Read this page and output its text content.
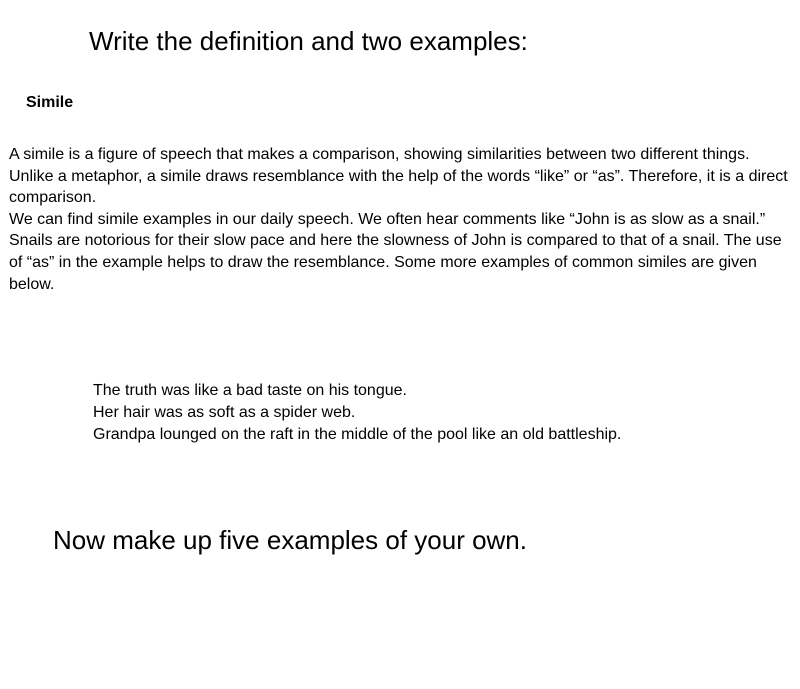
Write the definition and two examples:
Simile

A simile is a figure of speech that makes a comparison, showing similarities between two different things. Unlike a metaphor, a simile draws resemblance with the help of the words “like” or “as”. Therefore, it is a direct comparison.

We can find simile examples in our daily speech. We often hear comments like “John is as slow as a snail.” Snails are notorious for their slow pace and here the slowness of John is compared to that of a snail. The use of “as” in the example helps to draw the resemblance. Some more examples of common similes are given below.

The truth was like a bad taste on his tongue.
Her hair was as soft as a spider web.
Grandpa lounged on the raft in the middle of the pool like an old battleship.
Now make up five examples of your own.
